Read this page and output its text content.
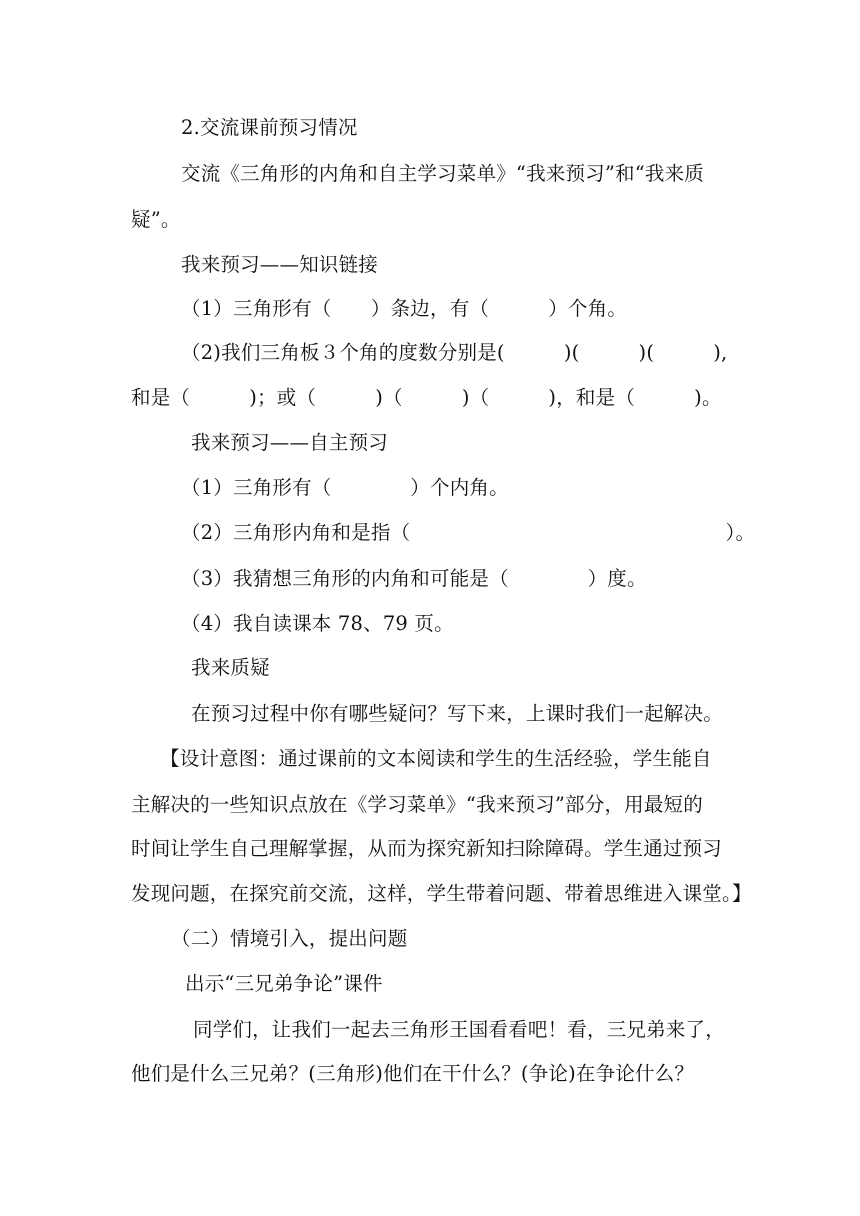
2.交流课前预习情况
交流《三角形的内角和自主学习菜单》“我来预习”和“我来质
疑”。
我来预习——知识链接
（1）三角形有（　　）条边，有（　　　）个角。
（2)我们三角板３个角的度数分别是(　　　)(　　　)(　　　),
和是（　　　)；或（　　　)（　　　)（　　　)，和是（　　　)。
我来预习——自主预习
（1）三角形有（　　　　）个内角。
（2）三角形内角和是指（　　　　　　　　　　　　　　　　）。
（3）我猜想三角形的内角和可能是（　　　　）度。
（4）我自读课本 78、79 页。
我来质疑
在预习过程中你有哪些疑问？写下来，上课时我们一起解决。
【设计意图：通过课前的文本阅读和学生的生活经验，学生能自
主解决的一些知识点放在《学习菜单》“我来预习”部分，用最短的
时间让学生自己理解掌握，从而为探究新知扫除障碍。学生通过预习
发现问题，在探究前交流，这样，学生带着问题、带着思维进入课堂。】
（二）情境引入，提出问题
出示“三兄弟争论”课件
同学们，让我们一起去三角形王国看看吧！看，三兄弟来了，
他们是什么三兄弟？(三角形)他们在干什么？(争论)在争论什么？
